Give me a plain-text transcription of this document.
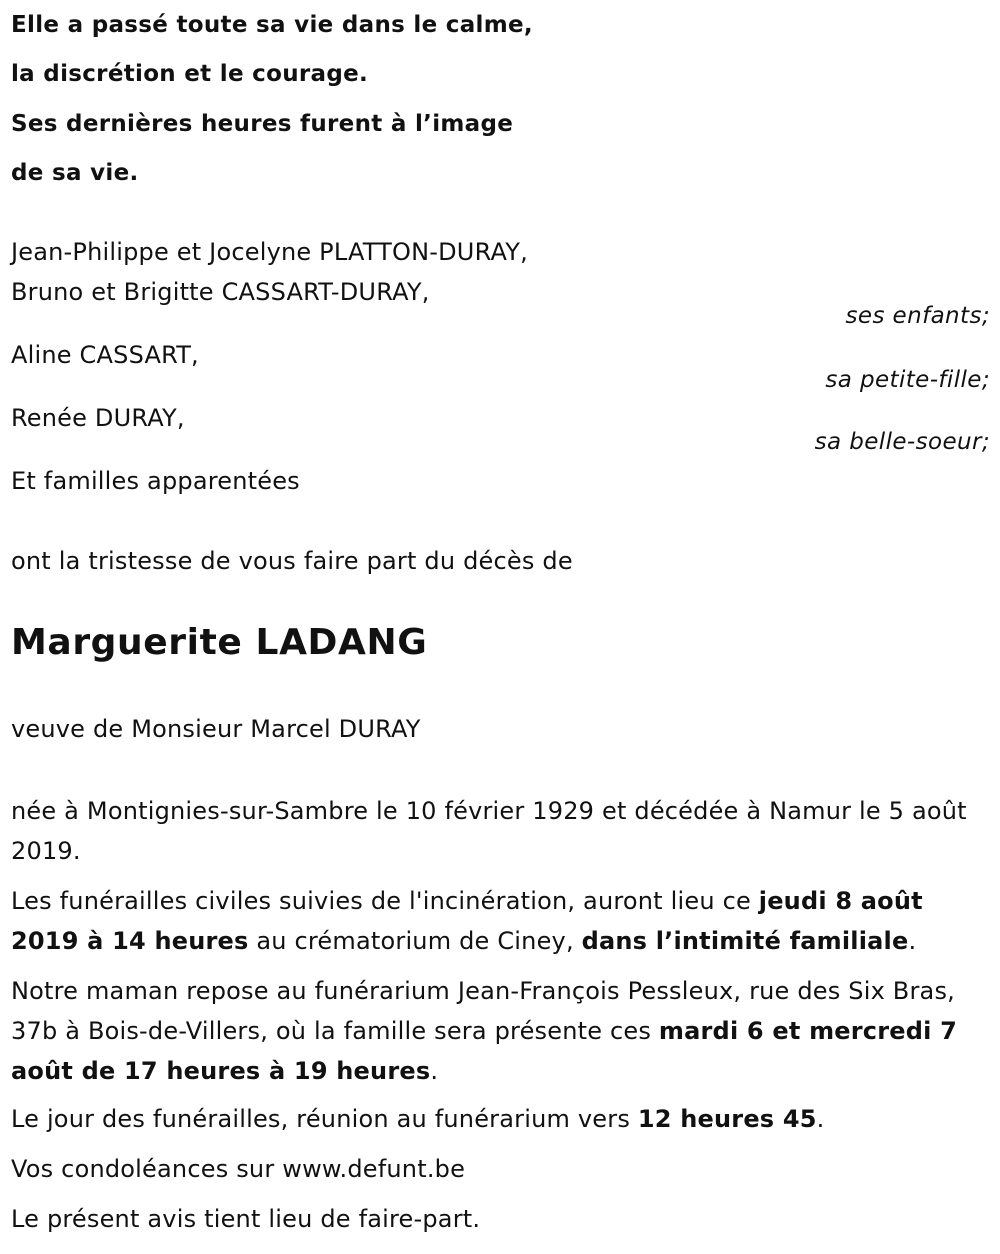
Elle a passé toute sa vie dans le calme,
la discrétion et le courage.
Ses dernières heures furent à l’image
de sa vie.
Jean-Philippe et Jocelyne PLATTON-DURAY,
Bruno et Brigitte CASSART-DURAY,
ses enfants;
Aline CASSART,
sa petite-fille;
Renée DURAY,
sa belle-soeur;
Et familles apparentées
ont la tristesse de vous faire part du décès de
Marguerite LADANG
veuve de Monsieur Marcel DURAY
née à Montignies-sur-Sambre le 10 février 1929 et décédée à Namur le 5 août 2019.
Les funérailles civiles suivies de l'incinération, auront lieu ce jeudi 8 août 2019 à 14 heures au crématorium de Ciney, dans l’intimité familiale.
Notre maman repose au funérarium Jean-François Pessleux, rue des Six Bras, 37b à Bois-de-Villers, où la famille sera présente ces mardi 6 et mercredi 7 août de 17 heures à 19 heures.
Le jour des funérailles, réunion au funérarium vers 12 heures 45.
Vos condoléances sur www.defunt.be
Le présent avis tient lieu de faire-part.
